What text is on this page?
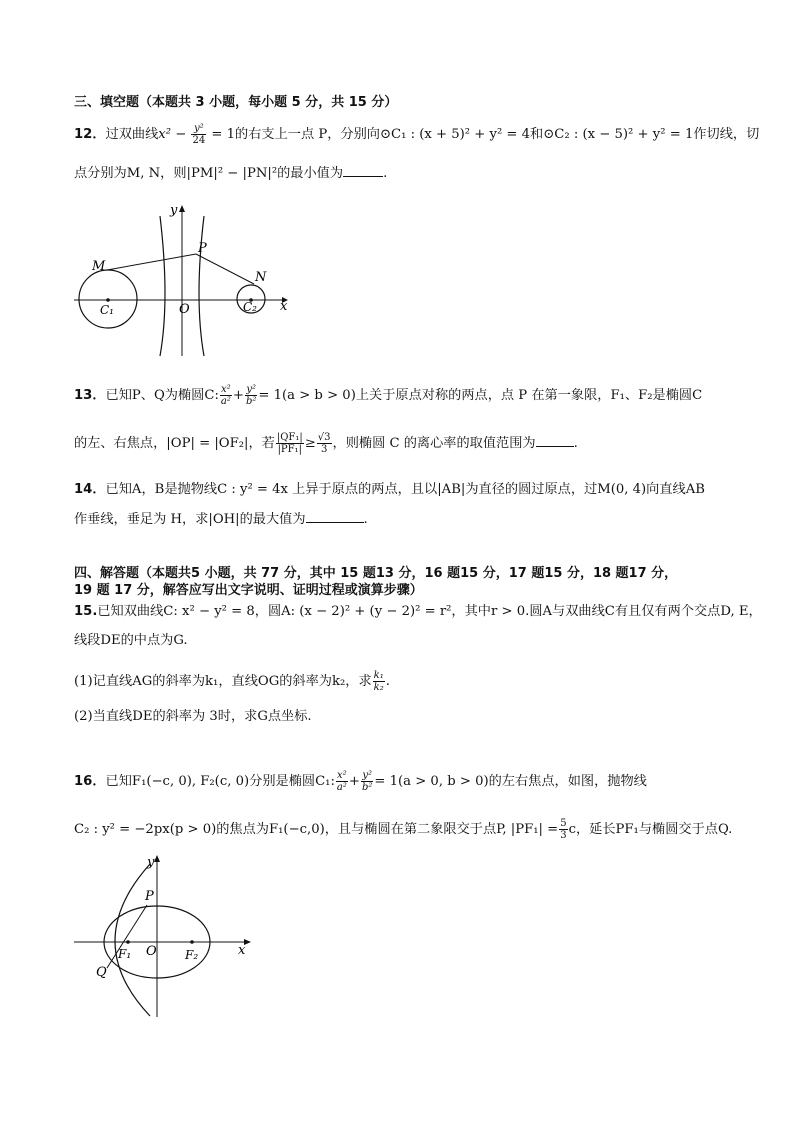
三、填空题（本题共 3 小题，每小题 5 分，共 15 分）
12．过双曲线$x^2 - \frac{\text{y²}}{24} = 1$的右支上一点 P，分别向⊙C₁ : (x + 5)² + y² = 4和⊙C₂ : (x − 5)² + y² = 1作切线，切
点分别为M, N，则|PM|² − |PN|²的最小值为	.
y
x
P
M
N
O
C₁	C₂
13．已知P、Q为椭圆C: $\frac{\text{x²}}{\text{a²}} + \frac{\text{y²}}{\text{b²}} = 1(a > b > 0)$上关于原点对称的两点，点 P 在第一象限，F₁、F₂是椭圆C
的左、右焦点，|OP| = |OF₂|，若 $\frac{\text{|QF₁|}}{\text{|PF₁|}} \ge \frac{√3}{3}$ ，则椭圆 C 的离心率的取值范围为	.
14．已知A，B是抛物线C : y² = 4x 上异于原点的两点，且以|AB|为直径的圆过原点，过M(0, 4)向直线AB
作垂线，垂足为 H，求|OH|的最大值为	.
四、解答题（本题共5 小题，共 77 分，其中 15 题13 分，16 题15 分，17 题15 分，18 题17 分，
19 题 17 分，解答应写出文字说明、证明过程或演算步骤）
15.已知双曲线C: x² − y² = 8，圆A: (x − 2)² + (y − 2)² = r²，其中r > 0.圆A与双曲线C有且仅有两个交点D, E，
线段DE的中点为G.
(1)记直线AG的斜率为k₁，直线OG的斜率为k₂，求 $\frac{\text{k₁}}{\text{k₂}}$ .
(2)当直线DE的斜率为 3时，求G点坐标.
16．已知F₁(−c, 0), F₂(c, 0)分别是椭圆C₁: $\frac{\text{x²}}{\text{a²}} + \frac{\text{y²}}{\text{b²}} = 1(a > 0$, b > 0)的左右焦点，如图，抛物线
C₂ : y² = −2px(p > 0)的焦点为F₁(−c,0)，且与椭圆在第二象限交于点P, $|PF_1| = \frac{5}{3}$ c，延长PF₁与椭圆交于点Q.
y
x
P
O
Q
F₁	F₂
